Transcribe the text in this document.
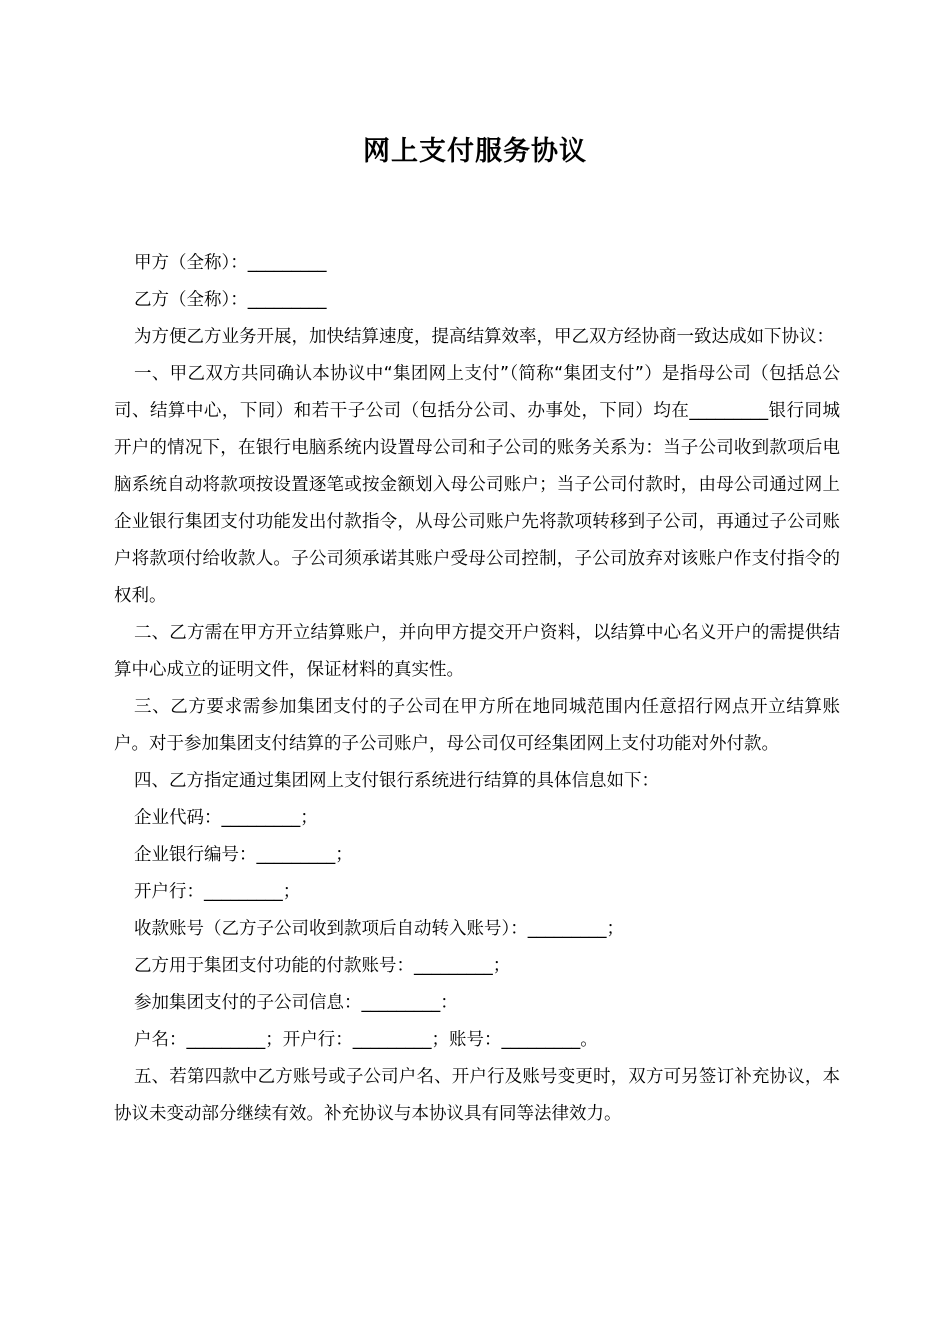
网上支付服务协议

甲方（全称）：_________

乙方（全称）：_________

为方便乙方业务开展，加快结算速度，提高结算效率，甲乙双方经协商一致达成如下协议：

一、甲乙双方共同确认本协议中“集团网上支付”（简称“集团支付”）是指母公司（包括总公司、结算中心，下同）和若干子公司（包括分公司、办事处，下同）均在_________银行同城开户的情况下，在银行电脑系统内设置母公司和子公司的账务关系为：当子公司收到款项后电脑系统自动将款项按设置逐笔或按金额划入母公司账户；当子公司付款时，由母公司通过网上企业银行集团支付功能发出付款指令，从母公司账户先将款项转移到子公司，再通过子公司账户将款项付给收款人。子公司须承诺其账户受母公司控制，子公司放弃对该账户作支付指令的权利。

二、乙方需在甲方开立结算账户，并向甲方提交开户资料，以结算中心名义开户的需提供结算中心成立的证明文件，保证材料的真实性。

三、乙方要求需参加集团支付的子公司在甲方所在地同城范围内任意招行网点开立结算账户。对于参加集团支付结算的子公司账户，母公司仅可经集团网上支付功能对外付款。

四、乙方指定通过集团网上支付银行系统进行结算的具体信息如下：

企业代码：_________；

企业银行编号：_________；

开户行：_________；

收款账号（乙方子公司收到款项后自动转入账号）：_________；

乙方用于集团支付功能的付款账号：_________；

参加集团支付的子公司信息：_________：

户名：_________；开户行：_________；账号：_________。

五、若第四款中乙方账号或子公司户名、开户行及账号变更时，双方可另签订补充协议，本协议未变动部分继续有效。补充协议与本协议具有同等法律效力。
